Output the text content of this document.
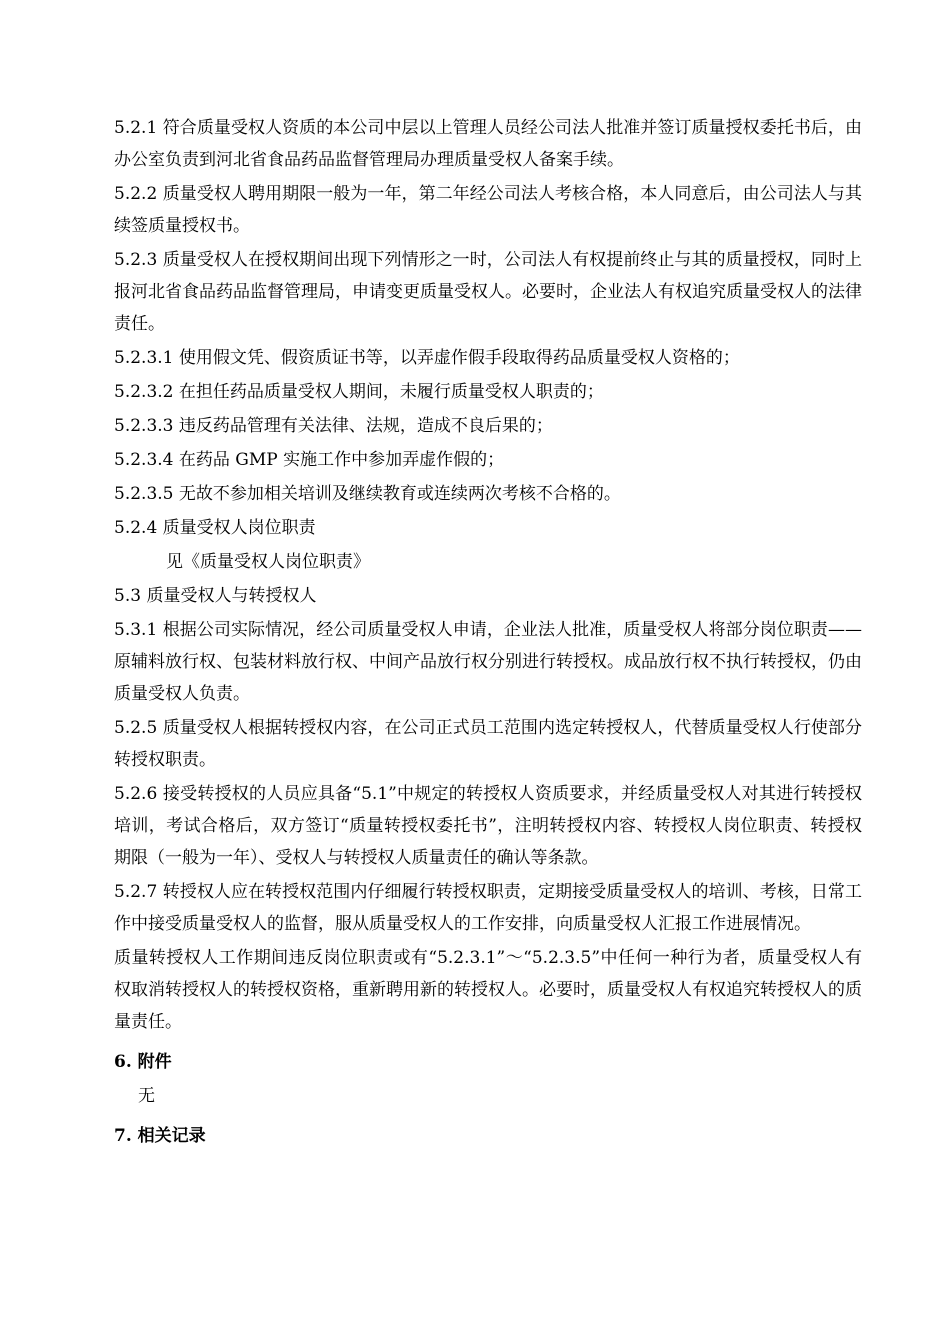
5.2.1 符合质量受权人资质的本公司中层以上管理人员经公司法人批准并签订质量授权委托书后，由办公室负责到河北省食品药品监督管理局办理质量受权人备案手续。

5.2.2 质量受权人聘用期限一般为一年，第二年经公司法人考核合格，本人同意后，由公司法人与其续签质量授权书。

5.2.3 质量受权人在授权期间出现下列情形之一时，公司法人有权提前终止与其的质量授权，同时上报河北省食品药品监督管理局，申请变更质量受权人。必要时，企业法人有权追究质量受权人的法律责任。

5.2.3.1 使用假文凭、假资质证书等，以弄虚作假手段取得药品质量受权人资格的；

5.2.3.2 在担任药品质量受权人期间，未履行质量受权人职责的；

5.2.3.3 违反药品管理有关法律、法规，造成不良后果的；

5.2.3.4 在药品 GMP 实施工作中参加弄虚作假的；

5.2.3.5 无故不参加相关培训及继续教育或连续两次考核不合格的。

5.2.4 质量受权人岗位职责

见《质量受权人岗位职责》

5.3 质量受权人与转授权人

5.3.1 根据公司实际情况，经公司质量受权人申请，企业法人批准，质量受权人将部分岗位职责——原辅料放行权、包装材料放行权、中间产品放行权分别进行转授权。成品放行权不执行转授权，仍由质量受权人负责。

5.2.5 质量受权人根据转授权内容，在公司正式员工范围内选定转授权人，代替质量受权人行使部分转授权职责。

5.2.6 接受转授权的人员应具备“5.1”中规定的转授权人资质要求，并经质量受权人对其进行转授权培训，考试合格后，双方签订“质量转授权委托书”，注明转授权内容、转授权人岗位职责、转授权期限（一般为一年）、受权人与转授权人质量责任的确认等条款。

5.2.7 转授权人应在转授权范围内仔细履行转授权职责，定期接受质量受权人的培训、考核，日常工作中接受质量受权人的监督，服从质量受权人的工作安排，向质量受权人汇报工作进展情况。

质量转授权人工作期间违反岗位职责或有“5.2.3.1”～“5.2.3.5”中任何一种行为者，质量受权人有权取消转授权人的转授权资格，重新聘用新的转授权人。必要时，质量受权人有权追究转授权人的质量责任。

6. 附件
无
7. 相关记录
